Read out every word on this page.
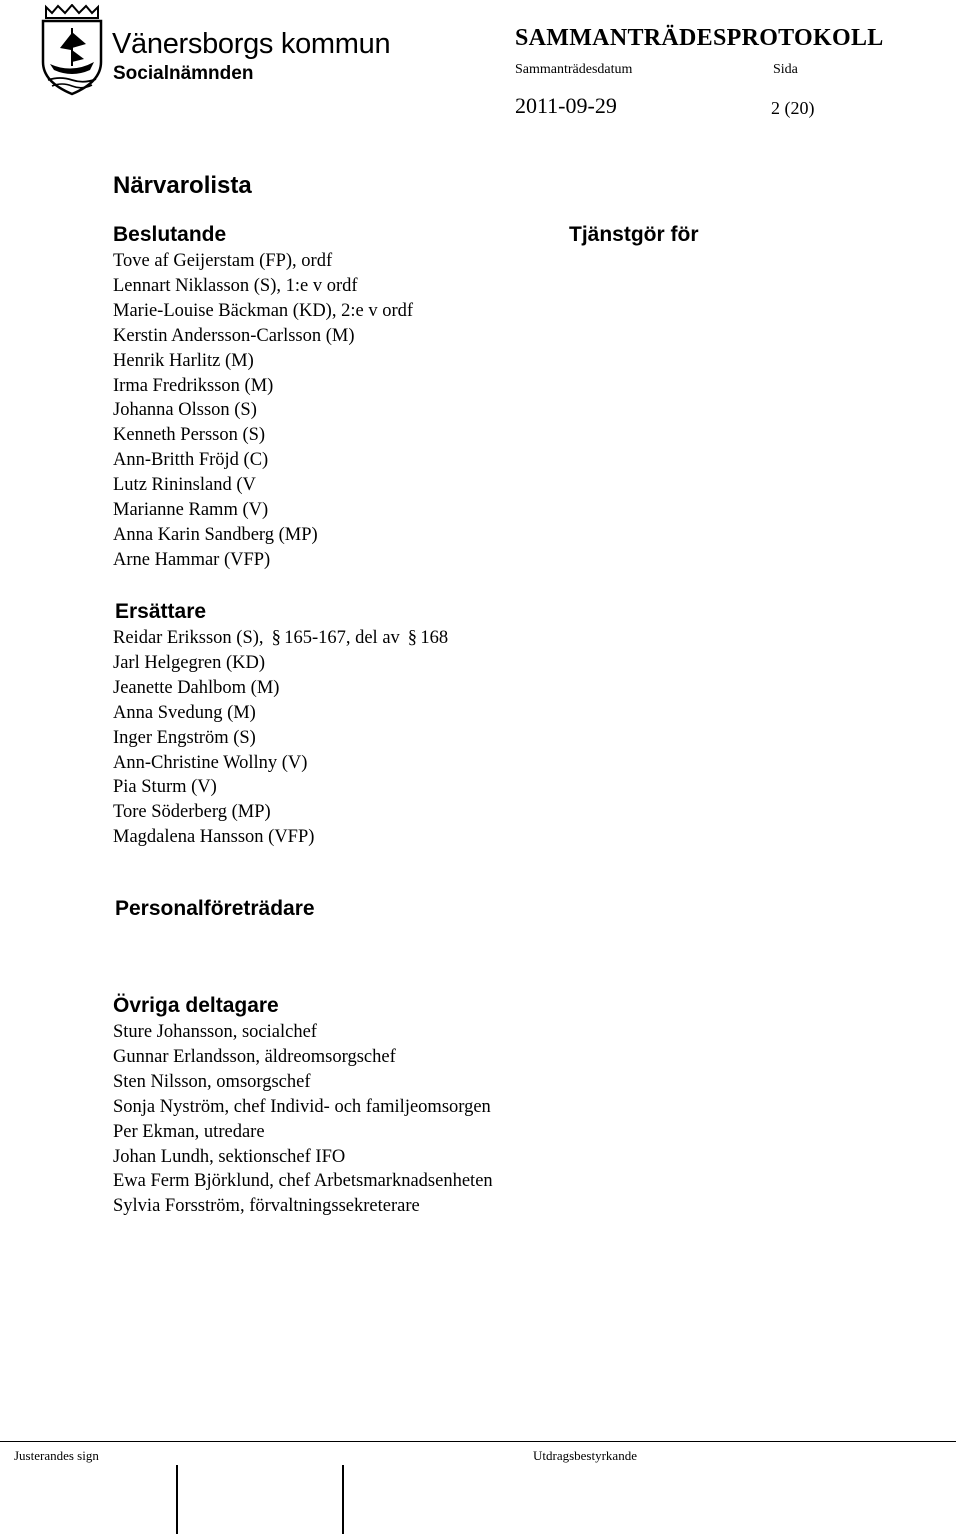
Vänersborgs kommun
Socialnämnden
SAMMANTRÄDESPROTOKOLL
Sammanträdesdatum	Sida
2011-09-29	2 (20)
Närvarolista
Beslutande	Tjänstgör för
Tove af Geijerstam (FP), ordf
Lennart Niklasson (S), 1:e v ordf
Marie-Louise Bäckman (KD), 2:e v ordf
Kerstin Andersson-Carlsson (M)
Henrik Harlitz (M)
Irma Fredriksson (M)
Johanna Olsson (S)
Kenneth Persson (S)
Ann-Britth Fröjd (C)
Lutz Rininsland (V
Marianne Ramm (V)
Anna Karin Sandberg (MP)
Arne Hammar (VFP)
Ersättare
Reidar Eriksson (S), § 165-167, del av § 168
Jarl Helgegren (KD)
Jeanette Dahlbom (M)
Anna Svedung (M)
Inger Engström (S)
Ann-Christine Wollny (V)
Pia Sturm (V)
Tore Söderberg (MP)
Magdalena Hansson (VFP)
Personalföreträdare
Övriga deltagare
Sture Johansson, socialchef
Gunnar Erlandsson, äldreomsorgschef
Sten Nilsson, omsorgschef
Sonja Nyström, chef Individ- och familjeomsorgen
Per Ekman, utredare
Johan Lundh, sektionschef IFO
Ewa Ferm Björklund, chef Arbetsmarknadsenheten
Sylvia Forsström, förvaltningssekreterare
Justerandes sign	Utdragsbestyrkande
